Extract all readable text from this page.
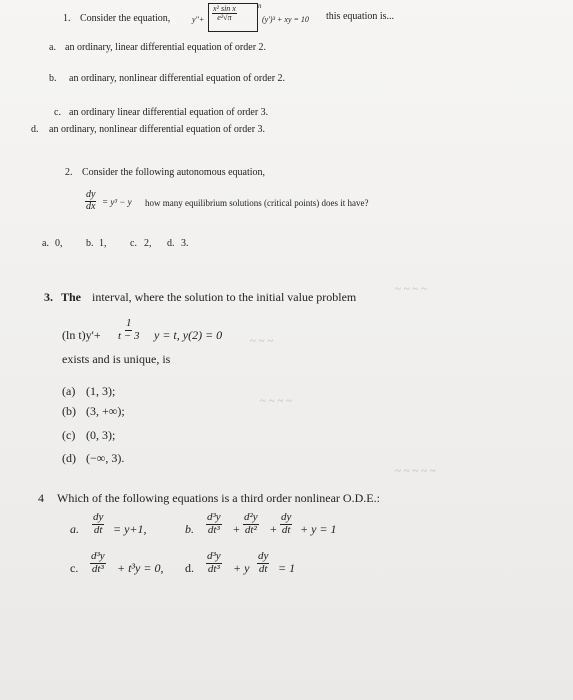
1. Consider the equation,	$y''+ \frac{\text{x² sin x}}{\text{e²√π}}$	n
(y')³ + xy = 10 this equation is...
a. an ordinary, linear differential equation of order 2.
b. an ordinary, nonlinear differential equation of order 2.
c. an ordinary linear differential equation of order 3.
d. an ordinary, nonlinear differential equation of order 3.
2. Consider the following autonomous equation,
$\frac{dy}{dx} = y^3 - y$ how many equilibrium solutions (critical points) does it have?
a. 0, b. 1, c. 2, d. 3.
~ ~ ~ ~
~ ~ ~
~ ~ ~ ~
~ ~ ~ ~ ~
3. The interval, where the solution to the initial value problem
(ln $t)y'+ \frac{1}{t - 3}$ y = t, y(2) = 0
exists and is unique, is
(a) (1, 3);
(b) (3, +∞);
(c) (0, 3);
(d) (−∞, 3).
4 Which of the following equations is a third order nonlinear O.D.E.:
a. $\frac{dy}{dt} = y+1$,	b. $\frac{\text{d³y}}{\text{dt³}} + \frac{\text{d²y}}{\text{dt²}} + \frac{dy}{dt} + y = 1$
c. $\frac{\text{d³y}}{\text{dt³}} + t^3y = 0$, d. $\frac{\text{d³y}}{\text{dt³}} + y \frac{dy}{dt} = 1$
